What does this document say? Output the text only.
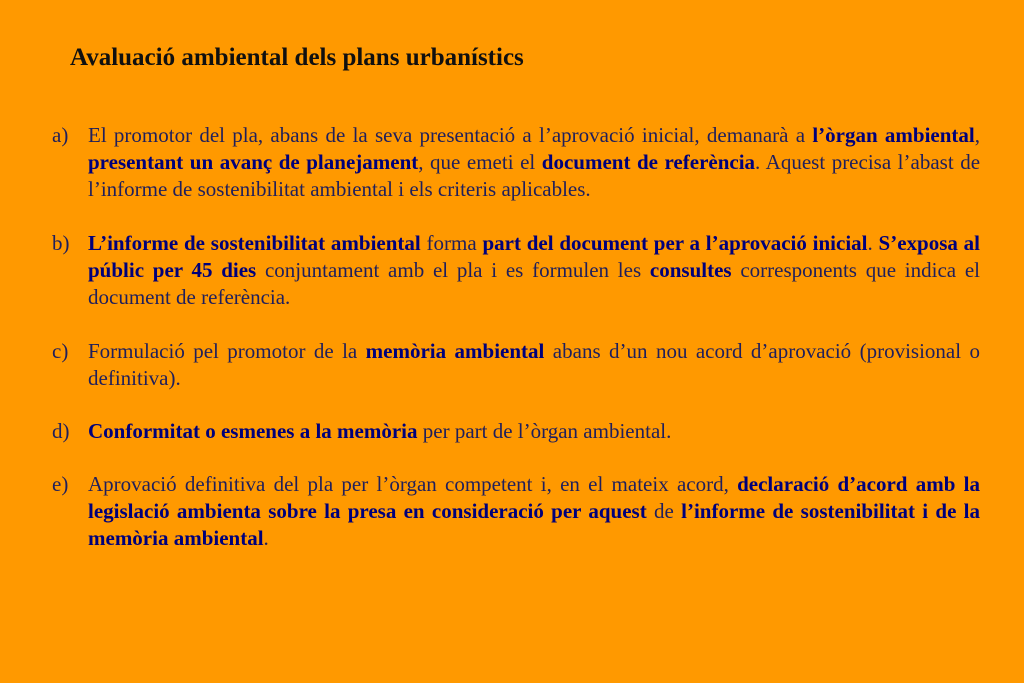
Avaluació ambiental dels plans urbanístics
a) El promotor del pla, abans de la seva presentació a l’aprovació inicial, demanarà a l’òrgan ambiental, presentant un avanç de planejament, que emeti el document de referència. Aquest precisa l’abast de l’informe de sostenibilitat ambiental i els criteris aplicables.
b) L’informe de sostenibilitat ambiental forma part del document per a l’aprovació inicial. S’exposa al públic per 45 dies conjuntament amb el pla i es formulen les consultes corresponents que indica el document de referència.
c) Formulació pel promotor de la memòria ambiental abans d’un nou acord d’aprovació (provisional o definitiva).
d) Conformitat o esmenes a la memòria per part de l’òrgan ambiental.
e) Aprovació definitiva del pla per l’òrgan competent i, en el mateix acord, declaració d’acord amb la legislació ambienta sobre la presa en consideració per aquest de l’informe de sostenibilitat i de la memòria ambiental.
